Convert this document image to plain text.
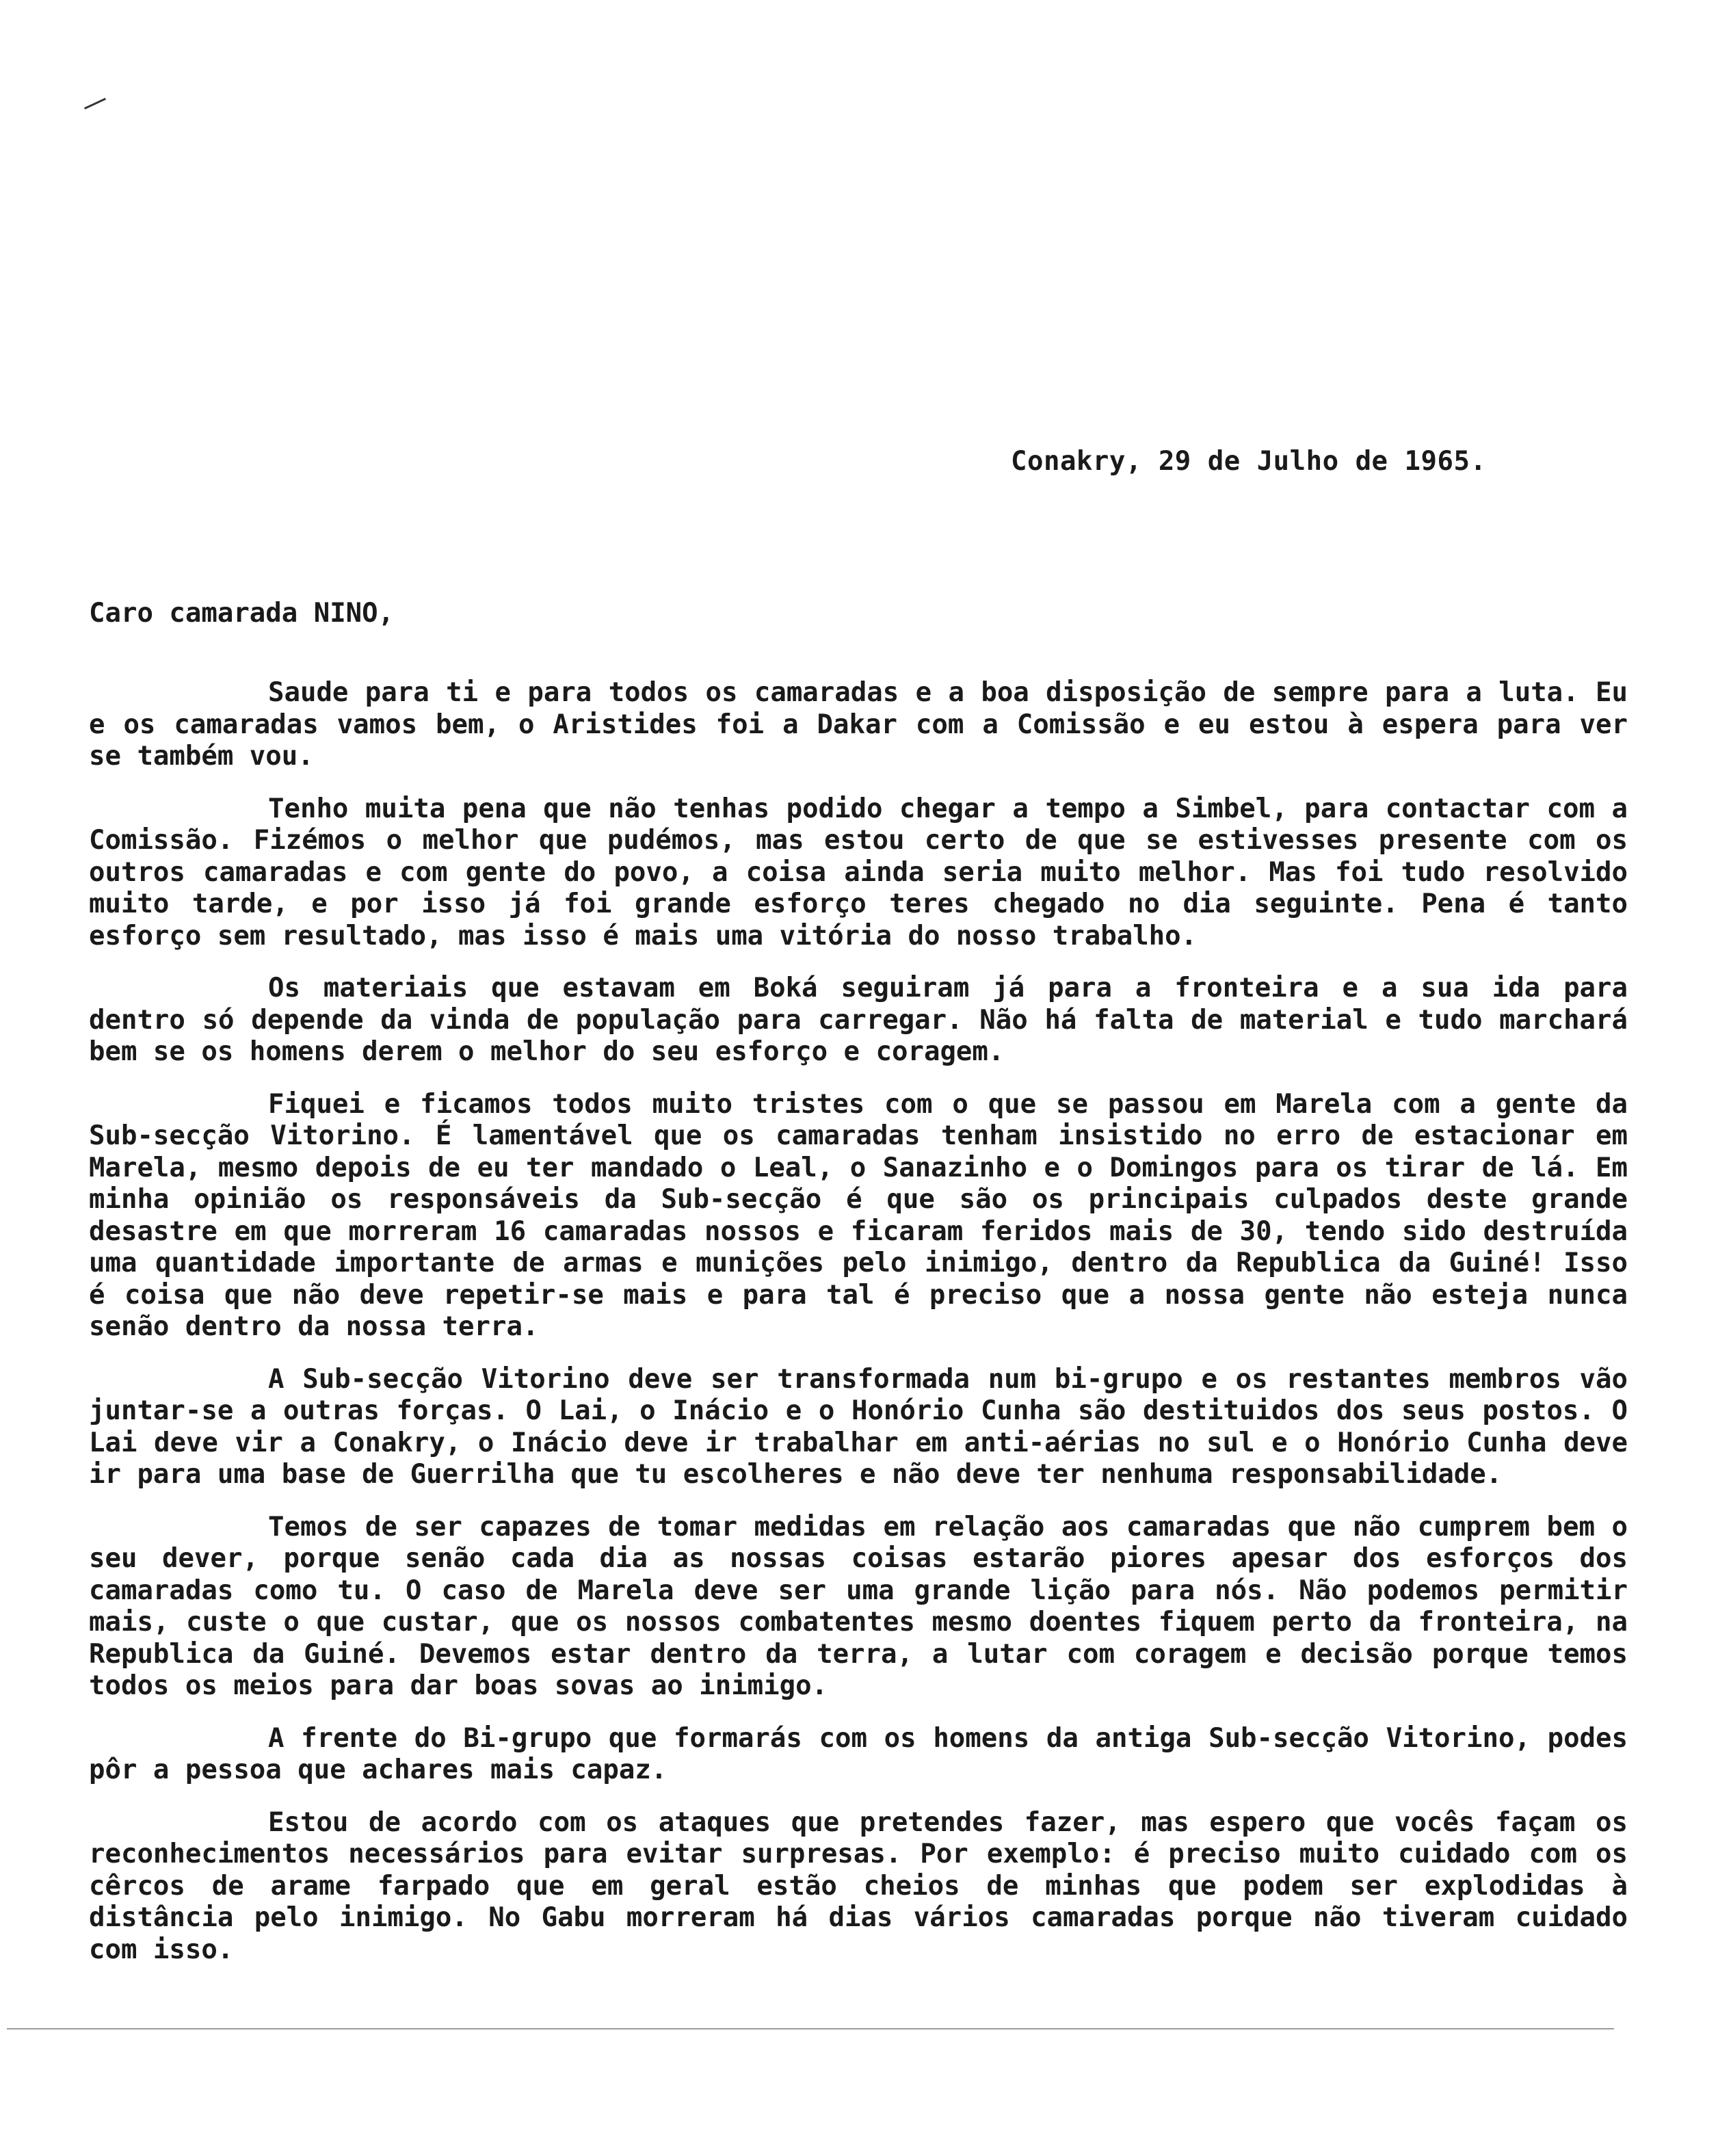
Conakry, 29 de Julho de 1965.
Caro camarada NINO,

Saude para ti e para todos os camaradas e a boa disposição de sempre para a luta. Eu e os camaradas vamos bem, o Aristides foi a Dakar com a Comissão e eu estou à espera para ver se também vou.

Tenho muita pena que não tenhas podido chegar a tempo a Simbel, para contactar com a Comissão. Fizémos o melhor que pudémos, mas estou certo de que se estivesses presente com os outros camaradas e com gente do povo, a coisa ainda seria muito melhor. Mas foi tudo resolvido muito tarde, e por isso já foi grande esforço teres chegado no dia seguinte. Pena é tanto esforço sem resultado, mas isso é mais uma vitória do nosso trabalho.

Os materiais que estavam em Boká seguiram já para a fronteira e a sua ida para dentro só depende da vinda de população para carregar. Não há falta de material e tudo marchará bem se os homens derem o melhor do seu esforço e coragem.

Fiquei e ficamos todos muito tristes com o que se passou em Marela com a gente da Sub-secção Vitorino. É lamentável que os camaradas tenham insistido no erro de estacionar em Marela, mesmo depois de eu ter mandado o Leal, o Sanazinho e o Domingos para os tirar de lá. Em minha opinião os responsáveis da Sub-secção é que são os principais culpados deste grande desastre em que morreram 16 camaradas nossos e ficaram feridos mais de 30, tendo sido destruída uma quantidade importante de armas e munições pelo inimigo, dentro da Republica da Guiné! Isso é coisa que não deve repetir-se mais e para tal é preciso que a nossa gente não esteja nunca senão dentro da nossa terra.

A Sub-secção Vitorino deve ser transformada num bi-grupo e os restantes membros vão juntar-se a outras forças. O Lai, o Inácio e o Honório Cunha são destituidos dos seus postos. O Lai deve vir a Conakry, o Inácio deve ir trabalhar em anti-aérias no sul e o Honório Cunha deve ir para uma base de Guerrilha que tu escolheres e não deve ter nenhuma responsabilidade.

Temos de ser capazes de tomar medidas em relação aos camaradas que não cumprem bem o seu dever, porque senão cada dia as nossas coisas estarão piores apesar dos esforços dos camaradas como tu. O caso de Marela deve ser uma grande lição para nós. Não podemos permitir mais, custe o que custar, que os nossos combatentes mesmo doentes fiquem perto da fronteira, na Republica da Guiné. Devemos estar dentro da terra, a lutar com coragem e decisão porque temos todos os meios para dar boas sovas ao inimigo.

A frente do Bi-grupo que formarás com os homens da antiga Sub-secção Vitorino, podes pôr a pessoa que achares mais capaz.

Estou de acordo com os ataques que pretendes fazer, mas espero que vocês façam os reconhecimentos necessários para evitar surpresas. Por exemplo: é preciso muito cuidado com os cêrcos de arame farpado que em geral estão cheios de minhas que podem ser explodidas à distância pelo inimigo. No Gabu morreram há dias vários camaradas porque não tiveram cuidado com isso.
